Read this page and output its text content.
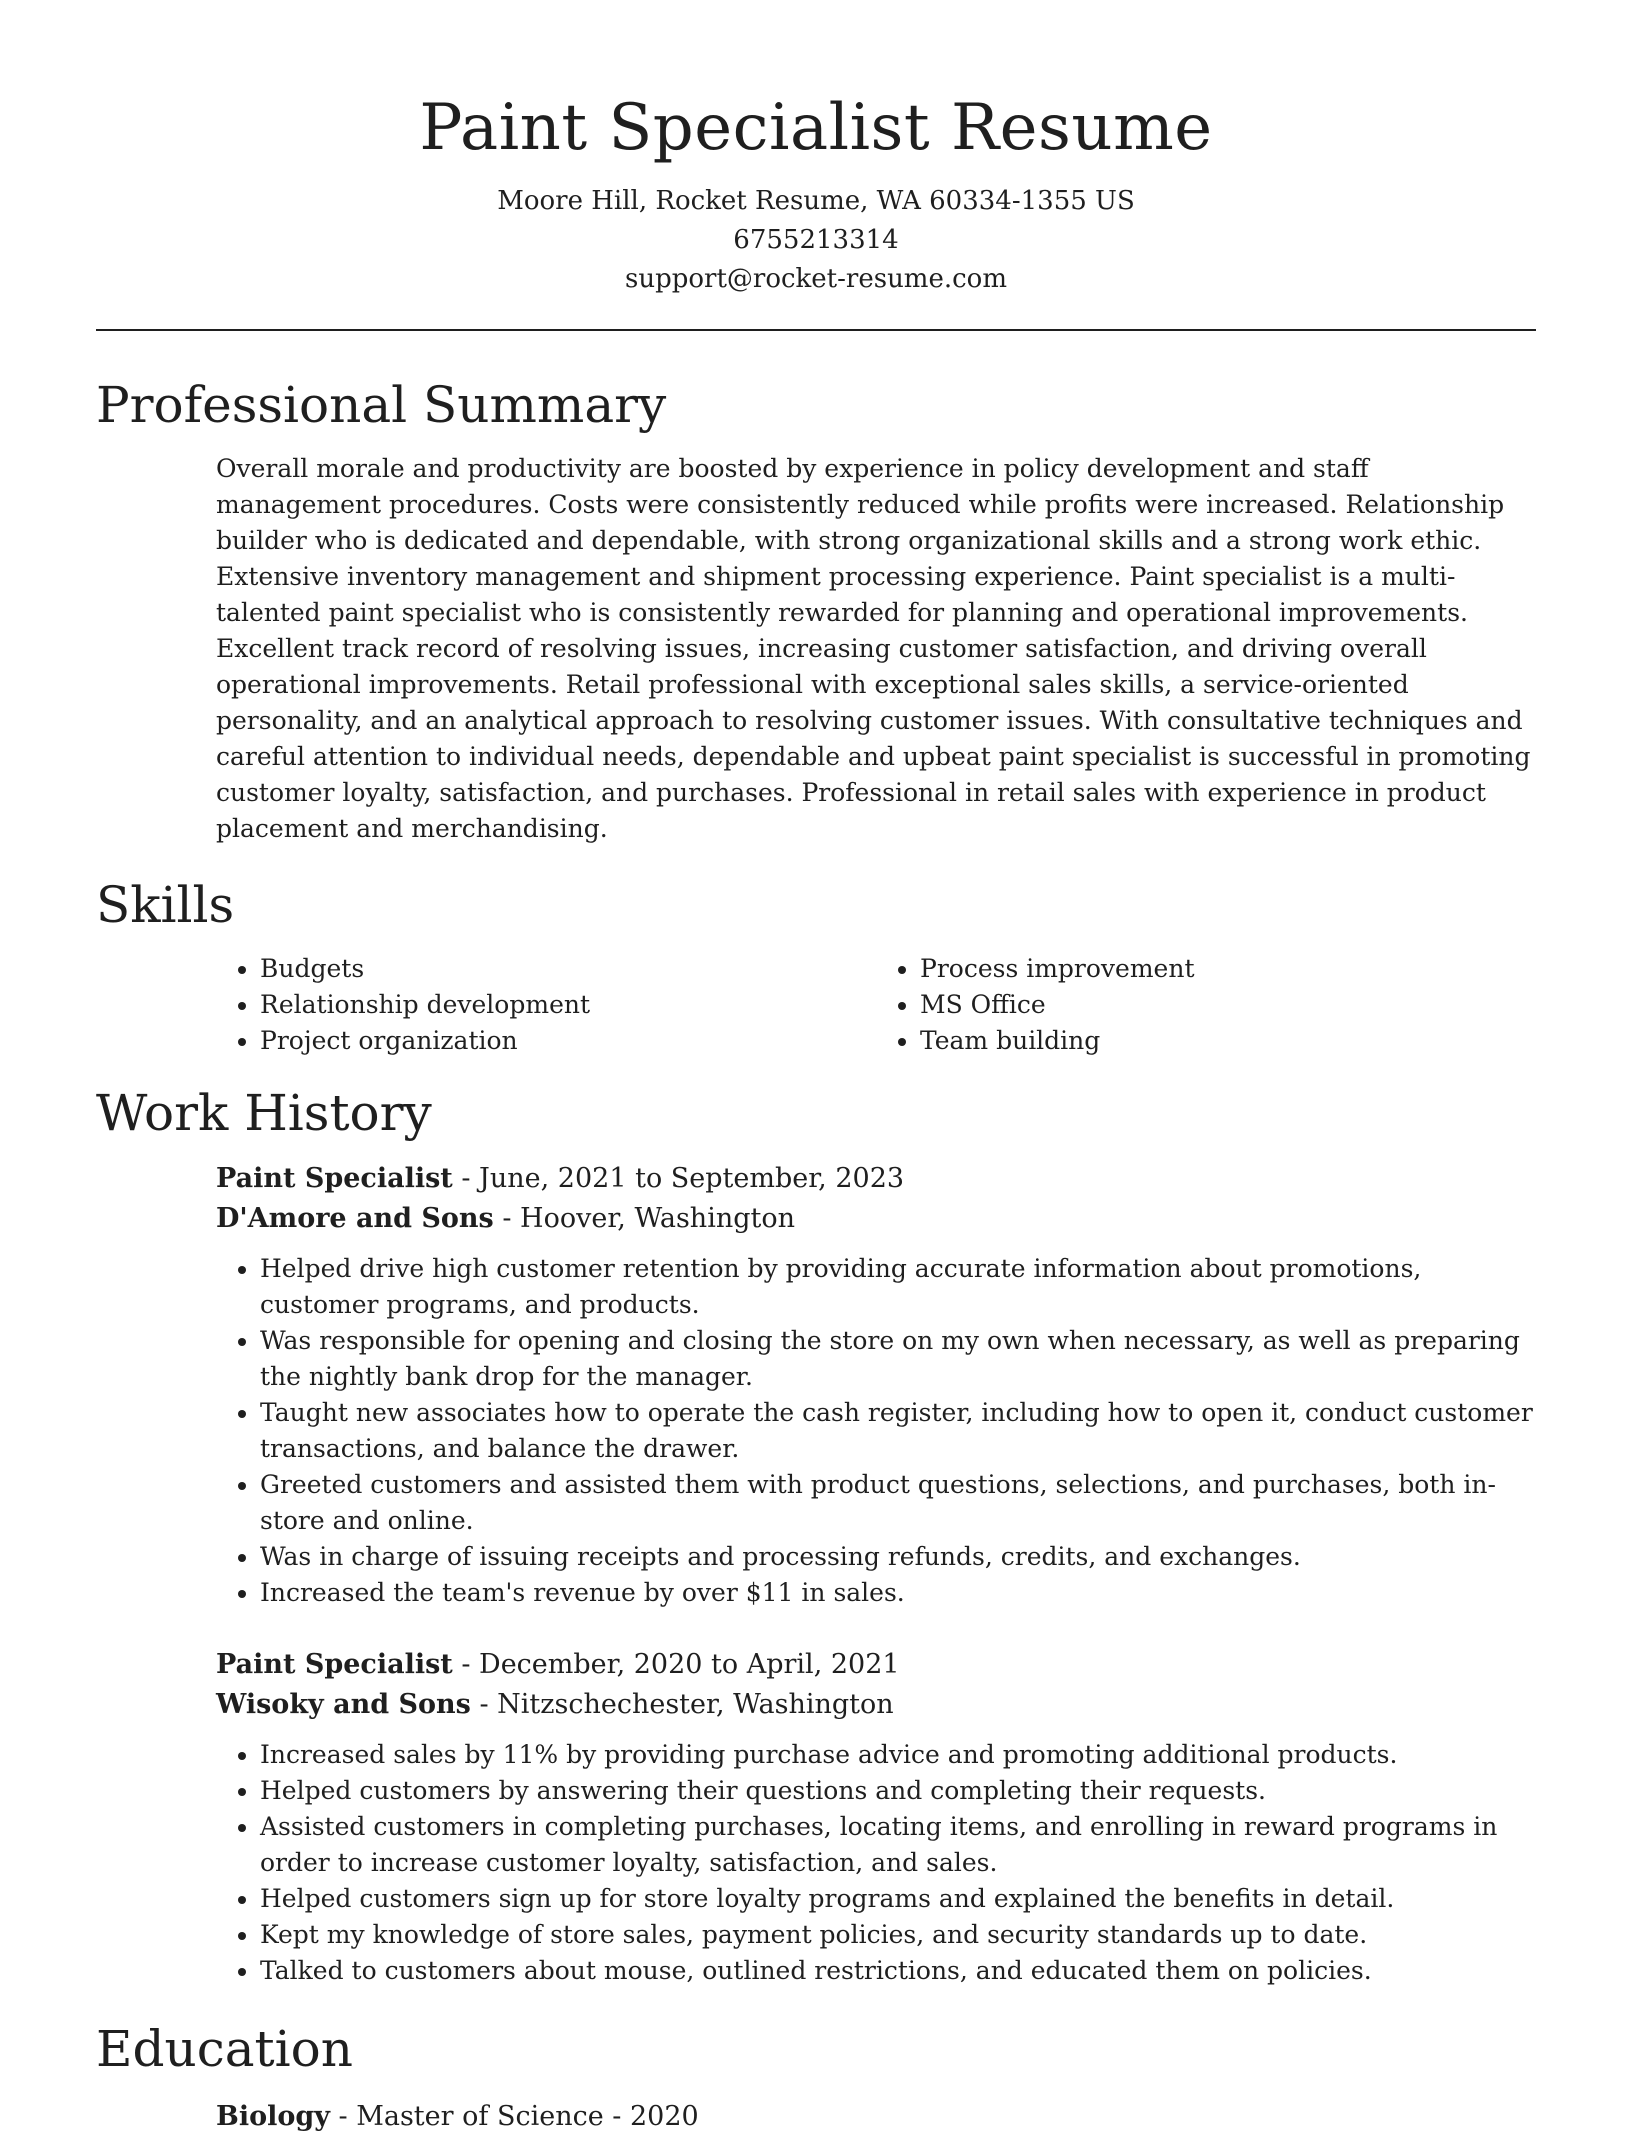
Paint Specialist Resume
Moore Hill, Rocket Resume, WA 60334-1355 US
6755213314
support@rocket-resume.com
Professional Summary

Overall morale and productivity are boosted by experience in policy development and staff management procedures. Costs were consistently reduced while profits were increased. Relationship builder who is dedicated and dependable, with strong organizational skills and a strong work ethic. Extensive inventory management and shipment processing experience. Paint specialist is a multi-talented paint specialist who is consistently rewarded for planning and operational improvements. Excellent track record of resolving issues, increasing customer satisfaction, and driving overall operational improvements. Retail professional with exceptional sales skills, a service-oriented personality, and an analytical approach to resolving customer issues. With consultative techniques and careful attention to individual needs, dependable and upbeat paint specialist is successful in promoting customer loyalty, satisfaction, and purchases. Professional in retail sales with experience in product placement and merchandising.

Skills
• Budgets
• Relationship development
• Project organization
• Process improvement
• MS Office
• Team building
Work History
Paint Specialist - June, 2021 to September, 2023
D'Amore and Sons - Hoover, Washington
• Helped drive high customer retention by providing accurate information about promotions, customer programs, and products.
• Was responsible for opening and closing the store on my own when necessary, as well as preparing the nightly bank drop for the manager.
• Taught new associates how to operate the cash register, including how to open it, conduct customer transactions, and balance the drawer.
• Greeted customers and assisted them with product questions, selections, and purchases, both in-store and online.
• Was in charge of issuing receipts and processing refunds, credits, and exchanges.
• Increased the team's revenue by over $11 in sales.
Paint Specialist - December, 2020 to April, 2021
Wisoky and Sons - Nitzschechester, Washington
• Increased sales by 11% by providing purchase advice and promoting additional products.
• Helped customers by answering their questions and completing their requests.
• Assisted customers in completing purchases, locating items, and enrolling in reward programs in order to increase customer loyalty, satisfaction, and sales.
• Helped customers sign up for store loyalty programs and explained the benefits in detail.
• Kept my knowledge of store sales, payment policies, and security standards up to date.
• Talked to customers about mouse, outlined restrictions, and educated them on policies.
Education
Biology - Master of Science - 2020
